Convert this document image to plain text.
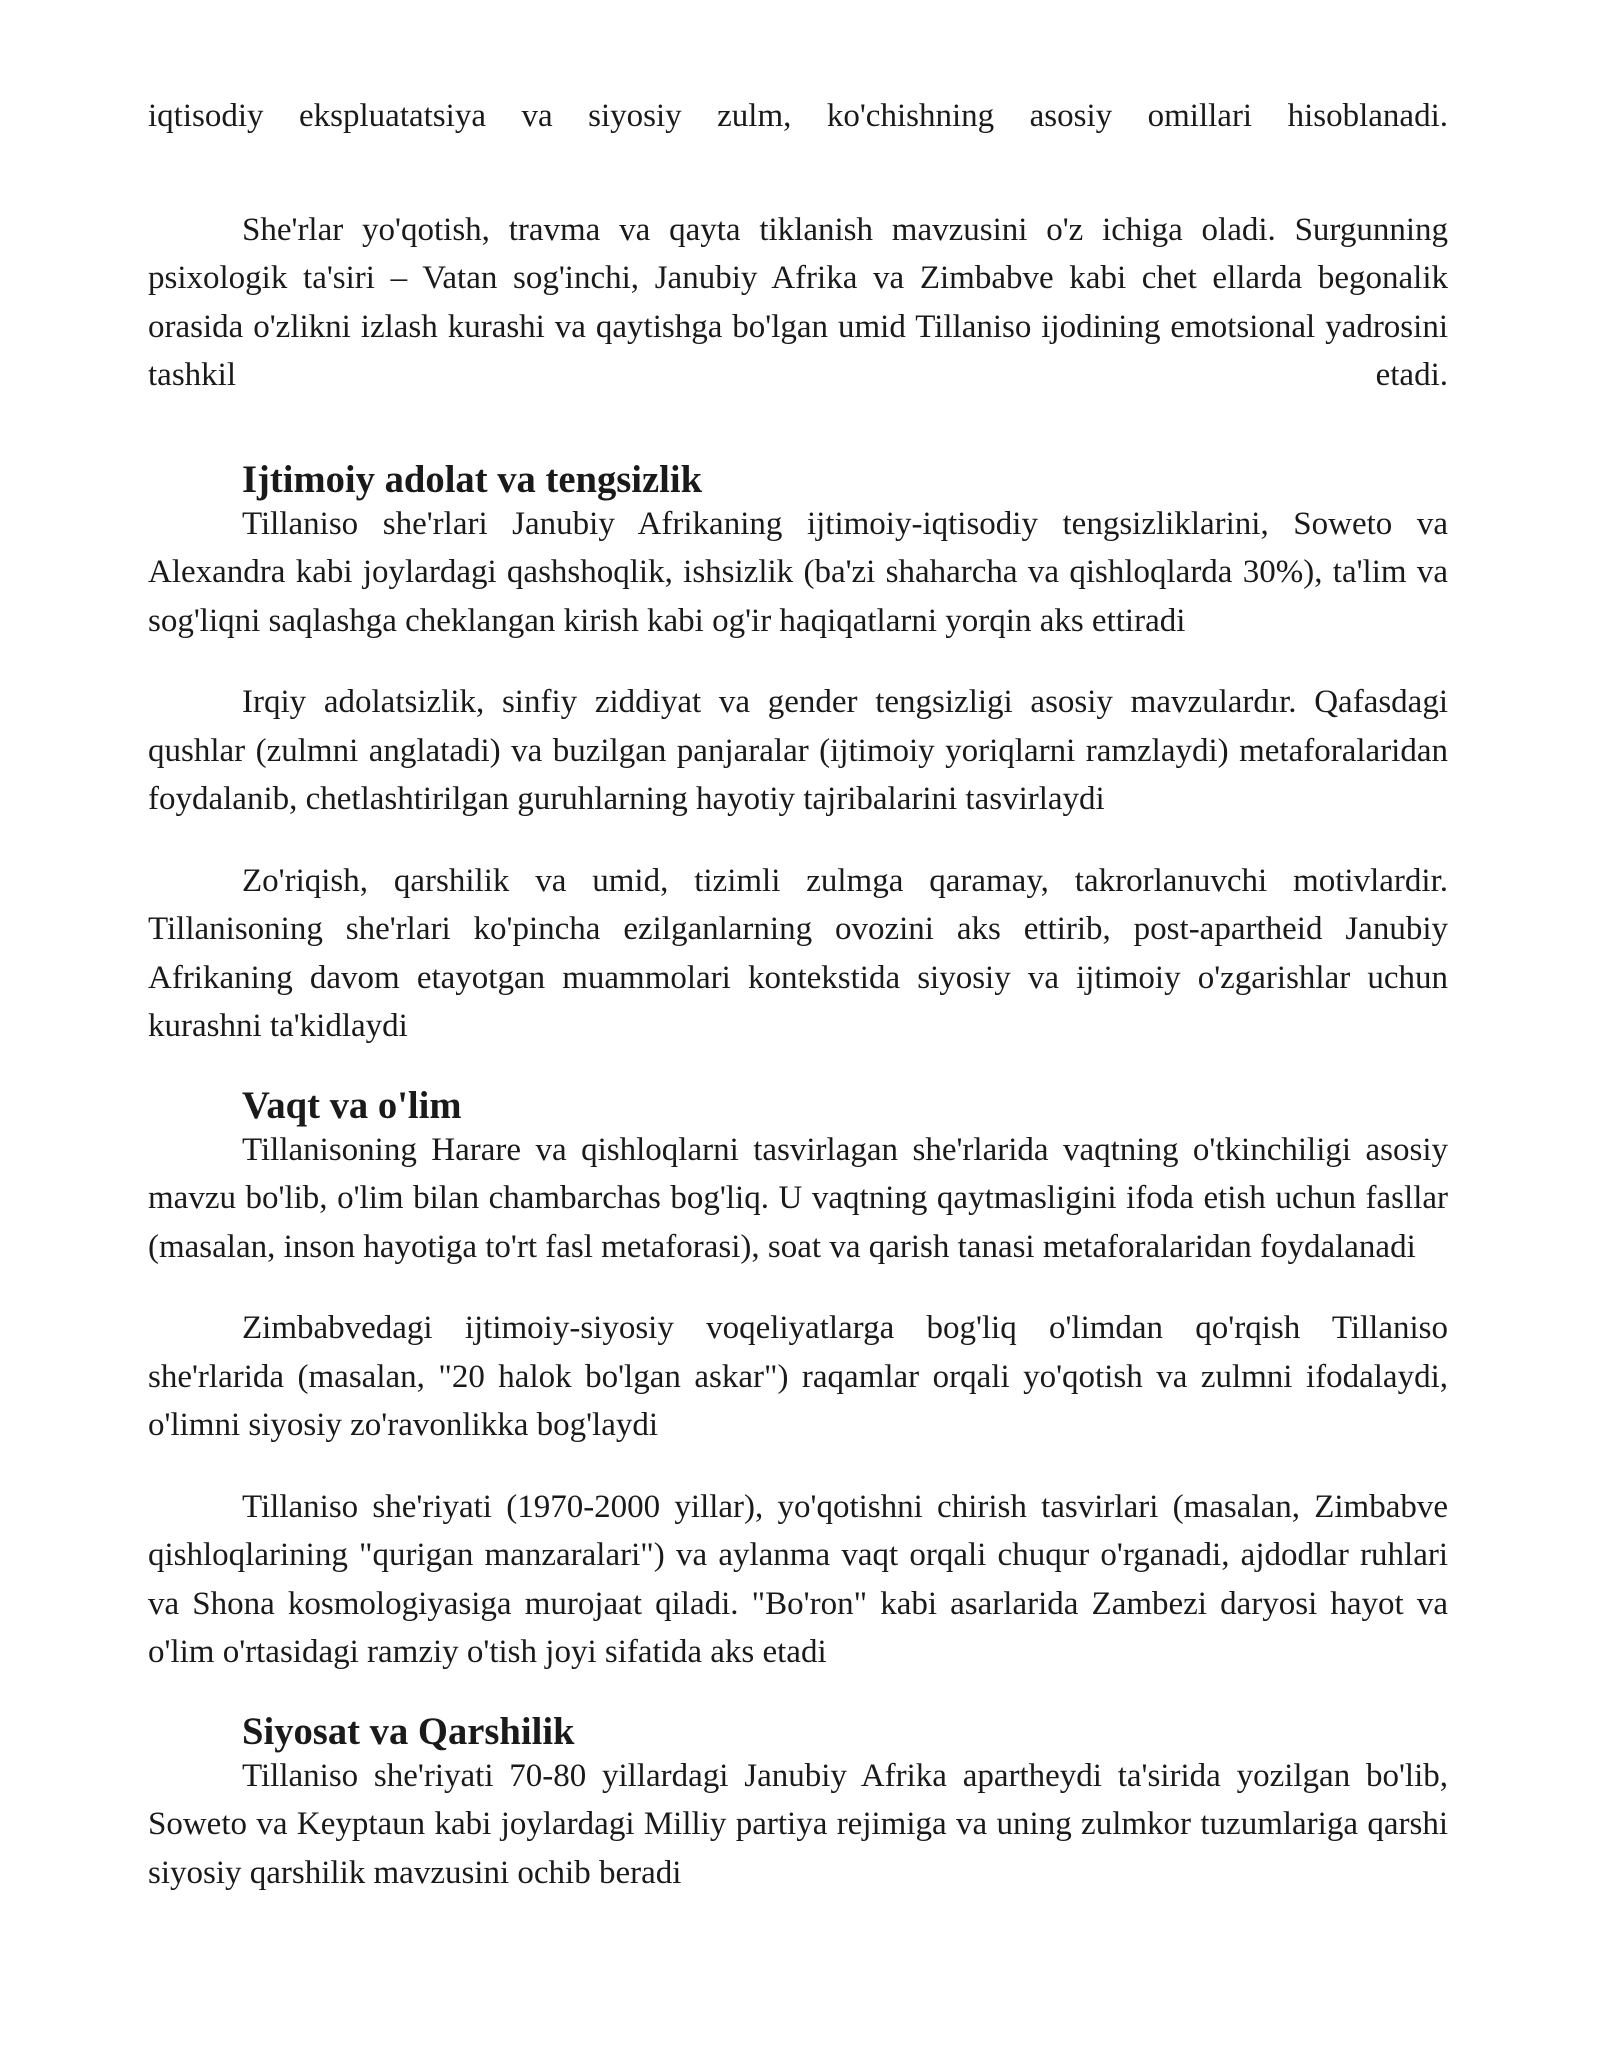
iqtisodiy ekspluatatsiya va siyosiy zulm, ko'chishning asosiy omillari hisoblanadi.

She'rlar yo'qotish, travma va qayta tiklanish mavzusini o'z ichiga oladi. Surgunning psixologik ta'siri – Vatan sog'inchi, Janubiy Afrika va Zimbabve kabi chet ellarda begonalik orasida o'zlikni izlash kurashi va qaytishga bo'lgan umid Tillaniso ijodining emotsional yadrosini tashkil etadi.

Ijtimoiy adolat va tengsizlik

Tillaniso she'rlari Janubiy Afrikaning ijtimoiy-iqtisodiy tengsizliklarini, Soweto va Alexandra kabi joylardagi qashshoqlik, ishsizlik (ba'zi shaharcha va qishloqlarda 30%), ta'lim va sog'liqni saqlashga cheklangan kirish kabi og'ir haqiqatlarni yorqin aks ettiradi

Irqiy adolatsizlik, sinfiy ziddiyat va gender tengsizligi asosiy mavzulardır. Qafasdagi qushlar (zulmni anglatadi) va buzilgan panjaralar (ijtimoiy yoriqlarni ramzlaydi) metaforalaridan foydalanib, chetlashtirilgan guruhlarning hayotiy tajribalarini tasvirlaydi

Zo'riqish, qarshilik va umid, tizimli zulmga qaramay, takrorlanuvchi motivlardir. Tillanisoning she'rlari ko'pincha ezilganlarning ovozini aks ettirib, post-apartheid Janubiy Afrikaning davom etayotgan muammolari kontekstida siyosiy va ijtimoiy o'zgarishlar uchun kurashni ta'kidlaydi

Vaqt va o'lim

Tillanisoning Harare va qishloqlarni tasvirlagan she'rlarida vaqtning o'tkinchiligi asosiy mavzu bo'lib, o'lim bilan chambarchas bog'liq. U vaqtning qaytmasligini ifoda etish uchun fasllar (masalan, inson hayotiga to'rt fasl metaforasi), soat va qarish tanasi metaforalaridan foydalanadi

Zimbabvedagi ijtimoiy-siyosiy voqeliyatlarga bog'liq o'limdan qo'rqish Tillaniso she'rlarida (masalan, "20 halok bo'lgan askar") raqamlar orqali yo'qotish va zulmni ifodalaydi, o'limni siyosiy zo'ravonlikka bog'laydi

Tillaniso she'riyati (1970-2000 yillar), yo'qotishni chirish tasvirlari (masalan, Zimbabve qishloqlarining "qurigan manzaralari") va aylanma vaqt orqali chuqur o'rganadi, ajdodlar ruhlari va Shona kosmologiyasiga murojaat qiladi. "Bo'ron" kabi asarlarida Zambezi daryosi hayot va o'lim o'rtasidagi ramziy o'tish joyi sifatida aks etadi

Siyosat va Qarshilik

Tillaniso she'riyati 70-80 yillardagi Janubiy Afrika apartheydi ta'sirida yozilgan bo'lib, Soweto va Keyptaun kabi joylardagi Milliy partiya rejimiga va uning zulmkor tuzumlariga qarshi siyosiy qarshilik mavzusini ochib beradi
